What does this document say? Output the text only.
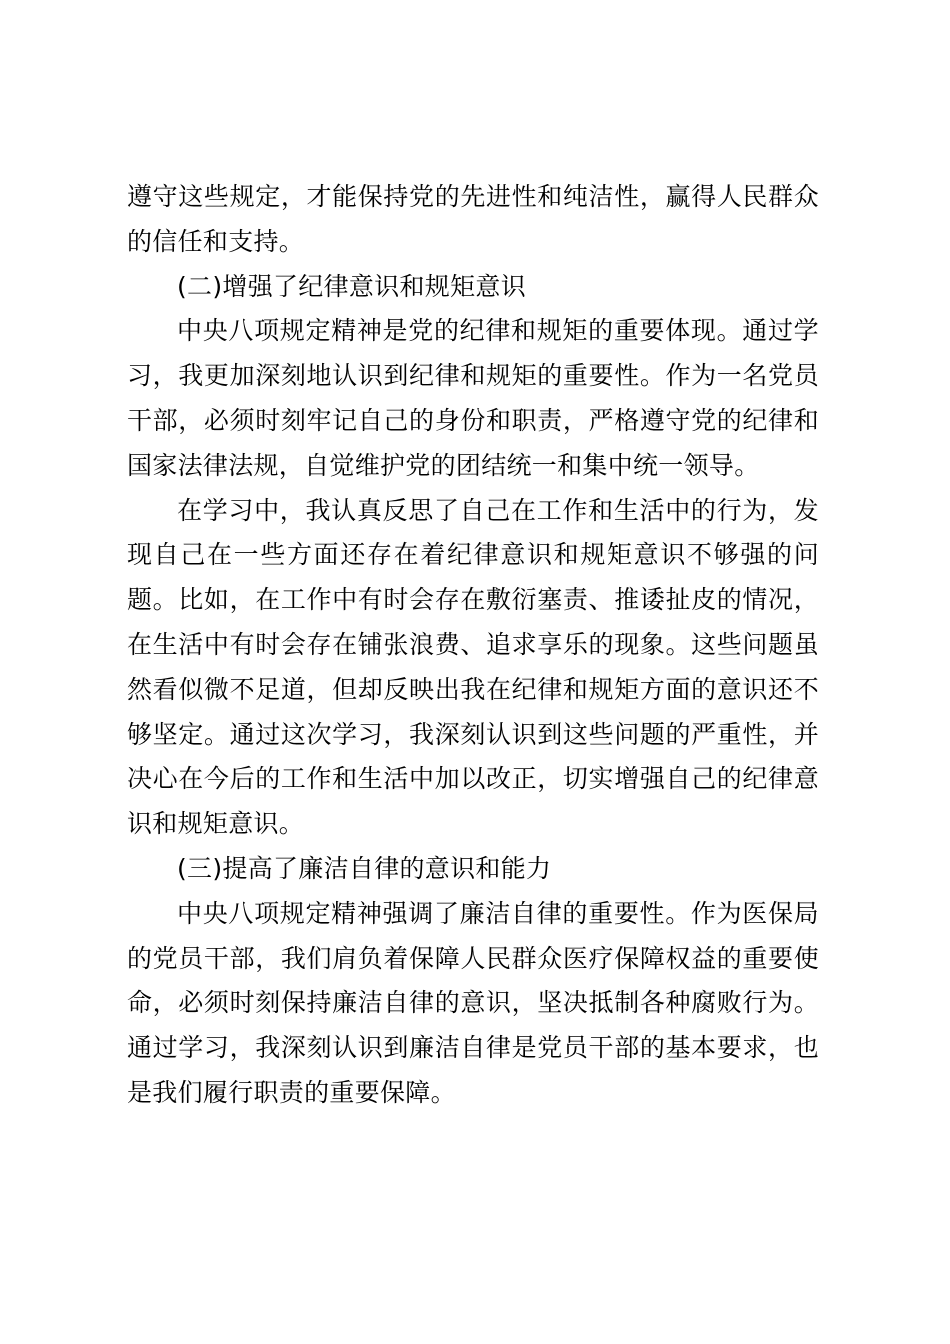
遵守这些规定，才能保持党的先进性和纯洁性，赢得人民群众的信任和支持。

(二)增强了纪律意识和规矩意识

中央八项规定精神是党的纪律和规矩的重要体现。通过学习，我更加深刻地认识到纪律和规矩的重要性。作为一名党员干部，必须时刻牢记自己的身份和职责，严格遵守党的纪律和国家法律法规，自觉维护党的团结统一和集中统一领导。

在学习中，我认真反思了自己在工作和生活中的行为，发现自己在一些方面还存在着纪律意识和规矩意识不够强的问题。比如，在工作中有时会存在敷衍塞责、推诿扯皮的情况，在生活中有时会存在铺张浪费、追求享乐的现象。这些问题虽然看似微不足道，但却反映出我在纪律和规矩方面的意识还不够坚定。通过这次学习，我深刻认识到这些问题的严重性，并决心在今后的工作和生活中加以改正，切实增强自己的纪律意识和规矩意识。

(三)提高了廉洁自律的意识和能力

中央八项规定精神强调了廉洁自律的重要性。作为医保局的党员干部，我们肩负着保障人民群众医疗保障权益的重要使命，必须时刻保持廉洁自律的意识，坚决抵制各种腐败行为。通过学习，我深刻认识到廉洁自律是党员干部的基本要求，也是我们履行职责的重要保障。
